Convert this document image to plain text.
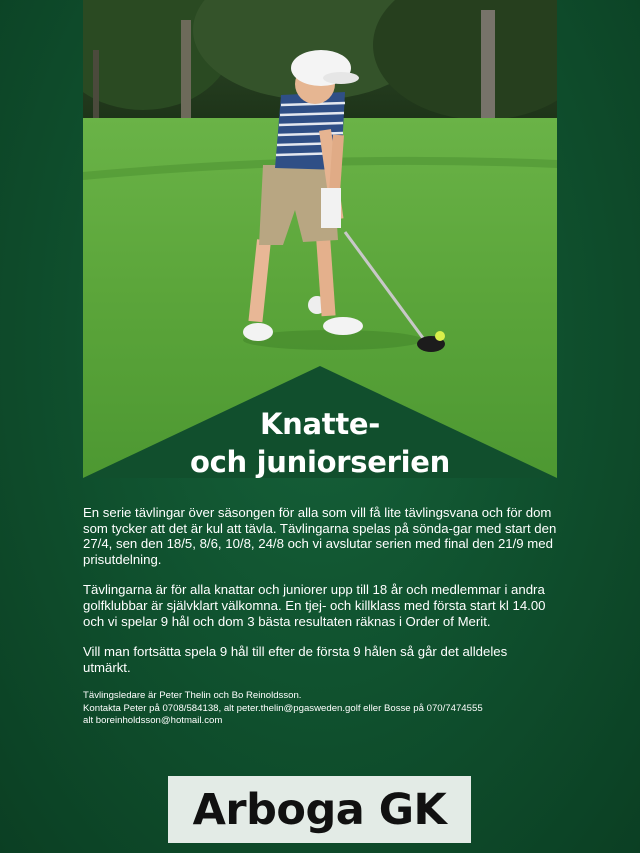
Knatte-
och juniorserien

En serie tävlingar över säsongen för alla som vill få lite tävlingsvana och för dom som tycker att det är kul att tävla. Tävlingarna spelas på sönda-gar med start den 27/4, sen den 18/5, 8/6, 10/8, 24/8 och vi avslutar serien med final den 21/9 med prisutdelning.

Tävlingarna är för alla knattar och juniorer upp till 18 år och medlemmar i andra golfklubbar är självklart välkomna. En tjej- och killklass med första start kl 14.00 och vi spelar 9 hål och dom 3 bästa resultaten räknas i Order of Merit.

Vill man fortsätta spela 9 hål till efter de första 9 hålen så går det alldeles utmärkt.

Tävlingsledare är Peter Thelin och Bo Reinoldsson.
Kontakta Peter på 0708/584138, alt peter.thelin@pgasweden.golf eller Bosse på 070/7474555
alt boreinholdsson@hotmail.com

Arboga GK
